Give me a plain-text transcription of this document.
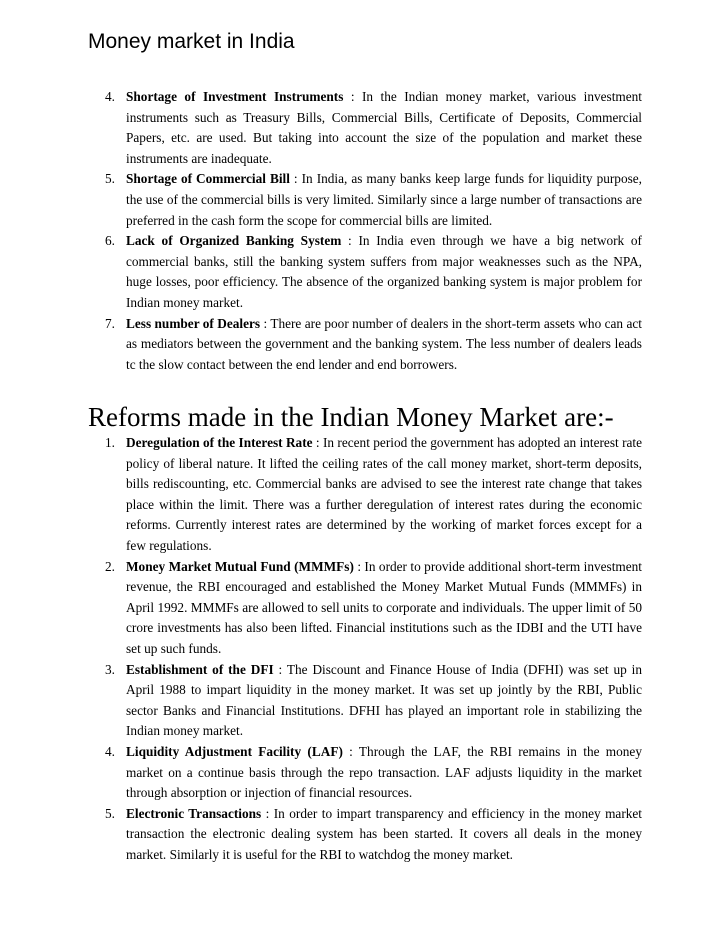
Money market in India
4. Shortage of Investment Instruments : In the Indian money market, various investment instruments such as Treasury Bills, Commercial Bills, Certificate of Deposits, Commercial Papers, etc. are used. But taking into account the size of the population and market these instruments are inadequate.
5. Shortage of Commercial Bill : In India, as many banks keep large funds for liquidity purpose, the use of the commercial bills is very limited. Similarly since a large number of transactions are preferred in the cash form the scope for commercial bills are limited.
6. Lack of Organized Banking System : In India even through we have a big network of commercial banks, still the banking system suffers from major weaknesses such as the NPA, huge losses, poor efficiency. The absence of the organized banking system is major problem for Indian money market.
7. Less number of Dealers : There are poor number of dealers in the short-term assets who can act as mediators between the government and the banking system. The less number of dealers leads tc the slow contact between the end lender and end borrowers.
Reforms made in the Indian Money Market are:-
1. Deregulation of the Interest Rate : In recent period the government has adopted an interest rate policy of liberal nature. It lifted the ceiling rates of the call money market, short-term deposits, bills rediscounting, etc. Commercial banks are advised to see the interest rate change that takes place within the limit. There was a further deregulation of interest rates during the economic reforms. Currently interest rates are determined by the working of market forces except for a few regulations.
2. Money Market Mutual Fund (MMMFs) : In order to provide additional short-term investment revenue, the RBI encouraged and established the Money Market Mutual Funds (MMMFs) in April 1992. MMMFs are allowed to sell units to corporate and individuals. The upper limit of 50 crore investments has also been lifted. Financial institutions such as the IDBI and the UTI have set up such funds.
3. Establishment of the DFI : The Discount and Finance House of India (DFHI) was set up in April 1988 to impart liquidity in the money market. It was set up jointly by the RBI, Public sector Banks and Financial Institutions. DFHI has played an important role in stabilizing the Indian money market.
4. Liquidity Adjustment Facility (LAF) : Through the LAF, the RBI remains in the money market on a continue basis through the repo transaction. LAF adjusts liquidity in the market through absorption or injection of financial resources.
5. Electronic Transactions : In order to impart transparency and efficiency in the money market transaction the electronic dealing system has been started. It covers all deals in the money market. Similarly it is useful for the RBI to watchdog the money market.
